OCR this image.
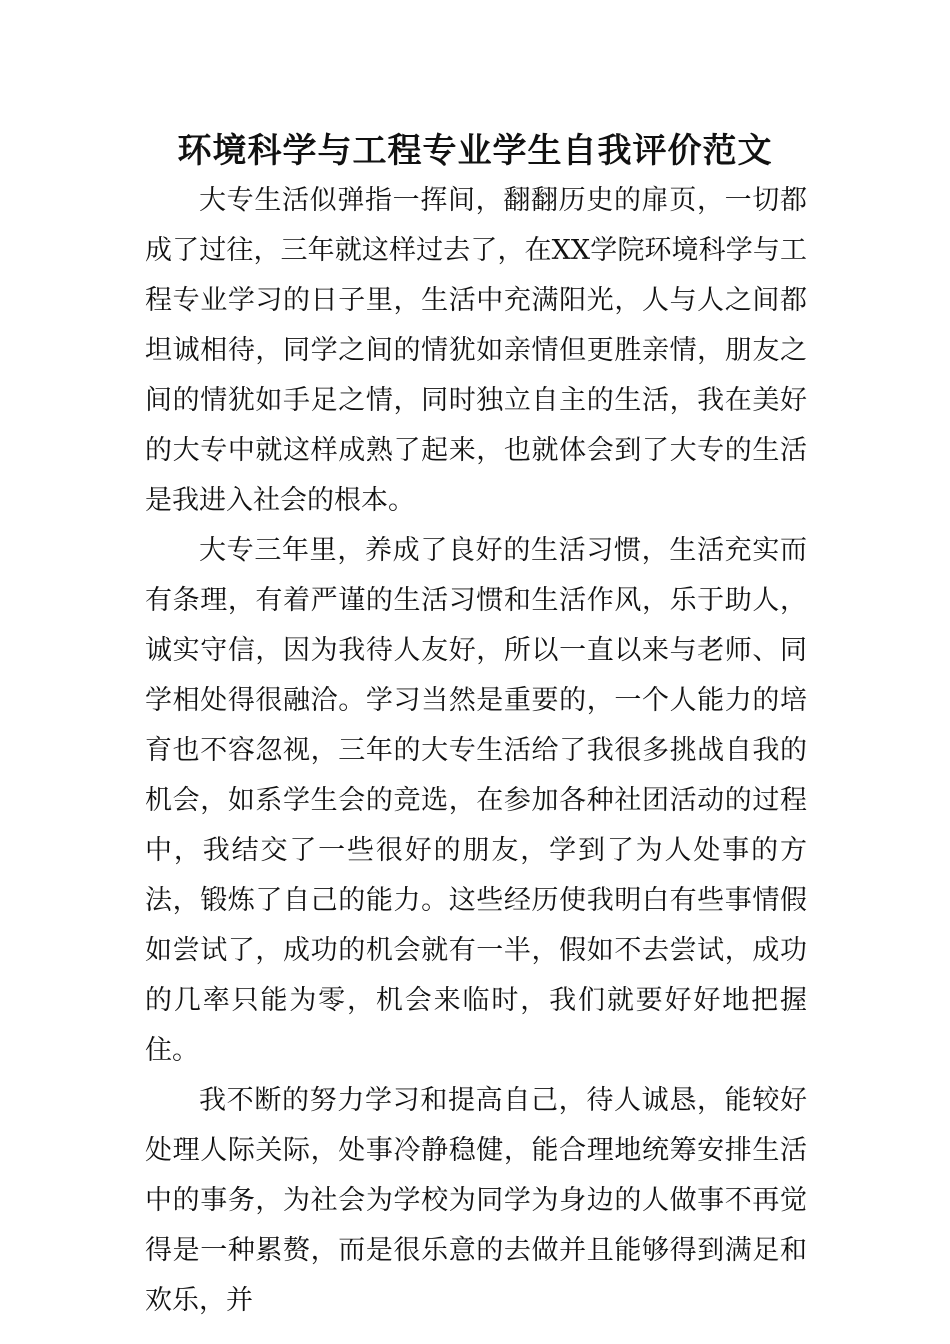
环境科学与工程专业学生自我评价范文

大专生活似弹指一挥间，翻翻历史的扉页，一切都成了过往，三年就这样过去了，在XX学院环境科学与工程专业学习的日子里，生活中充满阳光，人与人之间都坦诚相待，同学之间的情犹如亲情但更胜亲情，朋友之间的情犹如手足之情，同时独立自主的生活，我在美好的大专中就这样成熟了起来，也就体会到了大专的生活是我进入社会的根本。

大专三年里，养成了良好的生活习惯，生活充实而有条理，有着严谨的生活习惯和生活作风，乐于助人，诚实守信，因为我待人友好，所以一直以来与老师、同学相处得很融洽。学习当然是重要的，一个人能力的培育也不容忽视，三年的大专生活给了我很多挑战自我的机会，如系学生会的竞选，在参加各种社团活动的过程中，我结交了一些很好的朋友，学到了为人处事的方法，锻炼了自己的能力。这些经历使我明白有些事情假如尝试了，成功的机会就有一半，假如不去尝试，成功的几率只能为零，机会来临时，我们就要好好地把握住。

我不断的努力学习和提高自己，待人诚恳，能较好处理人际关际，处事冷静稳健，能合理地统筹安排生活中的事务，为社会为学校为同学为身边的人做事不再觉得是一种累赘，而是很乐意的去做并且能够得到满足和欢乐，并
